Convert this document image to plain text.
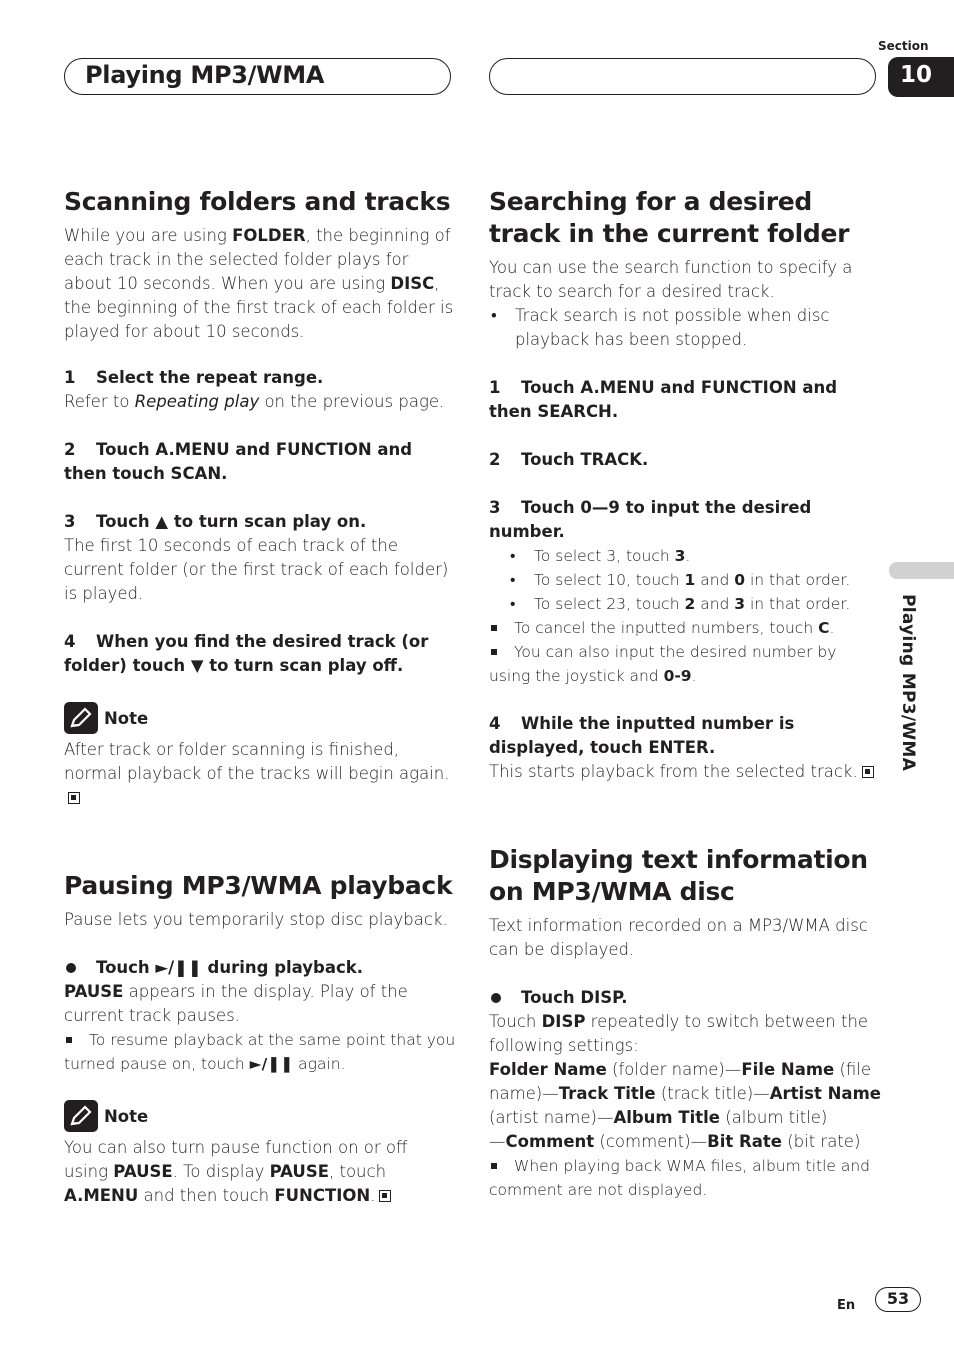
Playing MP3/WMA
Section
10
Scanning folders and tracks

While you are using FOLDER, the beginning of each track in the selected folder plays for about 10 seconds. When you are using DISC, the beginning of the first track of each folder is played for about 10 seconds.

1 Select the repeat range.

Refer to Repeating play on the previous page.

2 Touch A.MENU and FUNCTION and then touch SCAN.
3 Touch ▲ to turn scan play on.

The first 10 seconds of each track of the current folder (or the first track of each folder) is played.

4 When you find the desired track (or folder) touch ▼ to turn scan play off.
Note

After track or folder scanning is finished, normal playback of the tracks will begin again.

Pausing MP3/WMA playback

Pause lets you temporarily stop disc playback.

Touch ►/❚❚ during playback.

PAUSE appears in the display. Play of the current track pauses.

To resume playback at the same point that you turned pause on, touch ►/❚❚ again.

Note

You can also turn pause function on or off using PAUSE. To display PAUSE, touch A.MENU and then touch FUNCTION.

Searching for a desired track in the current folder

You can use the search function to specify a track to search for a desired track.

• Track search is not possible when disc playback has been stopped.

1 Touch A.MENU and FUNCTION and then SEARCH.
2 Touch TRACK.
3 Touch 0—9 to input the desired number.

• To select 3, touch 3.

• To select 10, touch 1 and 0 in that order.

• To select 23, touch 2 and 3 in that order.

To cancel the inputted numbers, touch C.

You can also input the desired number by using the joystick and 0-9.

4 While the inputted number is displayed, touch ENTER.

This starts playback from the selected track.

Displaying text information on MP3/WMA disc

Text information recorded on a MP3/WMA disc can be displayed.

Touch DISP.

Touch DISP repeatedly to switch between the following settings:

Folder Name (folder name)—File Name (file name)—Track Title (track title)—Artist Name (artist name)—Album Title (album title)
—Comment (comment)—Bit Rate (bit rate)

When playing back WMA files, album title and comment are not displayed.

Playing MP3/WMA
En	53
